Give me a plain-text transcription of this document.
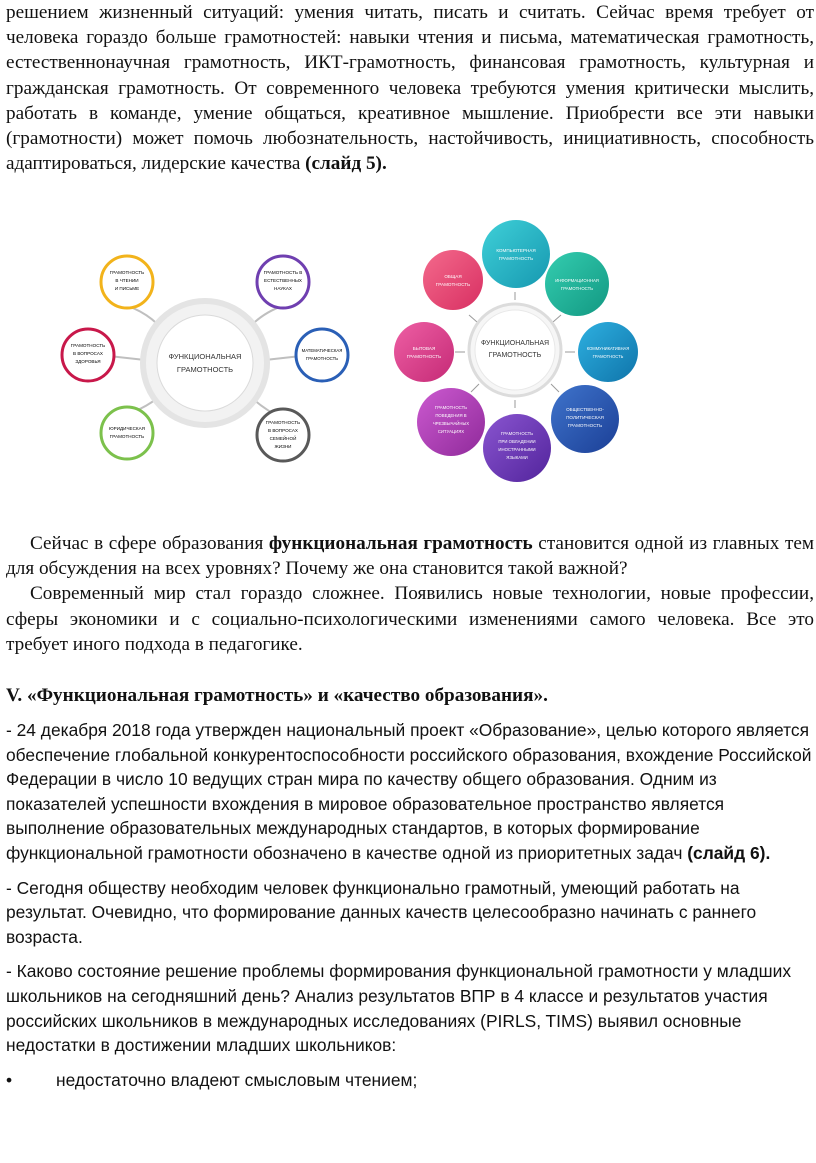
решением жизненный ситуаций: умения читать, писать и считать. Сейчас время требует от человека гораздо больше грамотностей: навыки чтения и письма, математическая грамотность, естественнонаучная грамотность, ИКТ-грамотность, финансовая грамотность, культурная и гражданская грамотность. От современного человека требуются умения критически мыслить, работать в команде, умение общаться, креативное мышление. Приобрести все эти навыки (грамотности) может помочь любознательность, настойчивость, инициативность, способность адаптироваться, лидерские качества (слайд 5).

ФУНКЦИОНАЛЬНАЯ
ГРАМОТНОСТЬ
ГРАМОТНОСТЬ
В ЧТЕНИИ
И ПИСЬМЕ
ГРАМОТНОСТЬ В
ЕСТЕСТВЕННЫХ
НАУКАХ
ГРАМОТНОСТЬ
В ВОПРОСАХ
ЗДОРОВЬЯ
МАТЕМАТИЧЕСКАЯ
ГРАМОТНОСТЬ
ЮРИДИЧЕСКАЯ
ГРАМОТНОСТЬ
ГРАМОТНОСТЬ
В ВОПРОСАХ
СЕМЕЙНОЙ
ЖИЗНИ
ФУНКЦИОНАЛЬНАЯ
ГРАМОТНОСТЬ
КОМПЬЮТЕРНАЯ
ГРАМОТНОСТЬ
ОБЩАЯ
ГРАМОТНОСТЬ
ИНФОРМАЦИОННАЯ
ГРАМОТНОСТЬ
БЫТОВАЯ
ГРАМОТНОСТЬ
КОММУНИКАТИВНАЯ
ГРАМОТНОСТЬ
ГРАМОТНОСТЬ
ПОВЕДЕНИЯ В
ЧРЕЗВЫЧАЙНЫХ
СИТУАЦИЯХ
ОБЩЕСТВЕННО-
ПОЛИТИЧЕСКАЯ
ГРАМОТНОСТЬ
ГРАМОТНОСТЬ
ПРИ ОВЛАДЕНИИ
ИНОСТРАННЫМИ
ЯЗЫКАМИ

Сейчас в сфере образования функциональная грамотность становится одной из главных тем для обсуждения на всех уровнях? Почему же она становится такой важной?

Современный мир стал гораздо сложнее. Появились новые технологии, новые профессии, сферы экономики и с социально-психологическими изменениями самого человека. Все это требует иного подхода в педагогике.

V. «Функциональная грамотность» и «качество образования».

- 24 декабря 2018 года утвержден национальный проект «Образование», целью которого является обеспечение глобальной конкурентоспособности российского образования, вхождение Российской Федерации в число 10 ведущих стран мира по качеству общего образования. Одним из показателей успешности вхождения в мировое образовательное пространство является выполнение образовательных международных стандартов, в которых формирование функциональной грамотности обозначено в качестве одной из приоритетных задач (слайд 6).

- Сегодня обществу необходим человек функционально грамотный, умеющий работать на результат. Очевидно, что формирование данных качеств целесообразно начинать с раннего возраста.

- Каково состояние решение проблемы формирования функциональной грамотности у младших школьников на сегодняшний день? Анализ результатов ВПР в 4 классе и результатов участия российских школьников в международных исследованиях (PIRLS, TIMS) выявил основные недостатки в достижении младших школьников:

•	недостаточно владеют смысловым чтением;
